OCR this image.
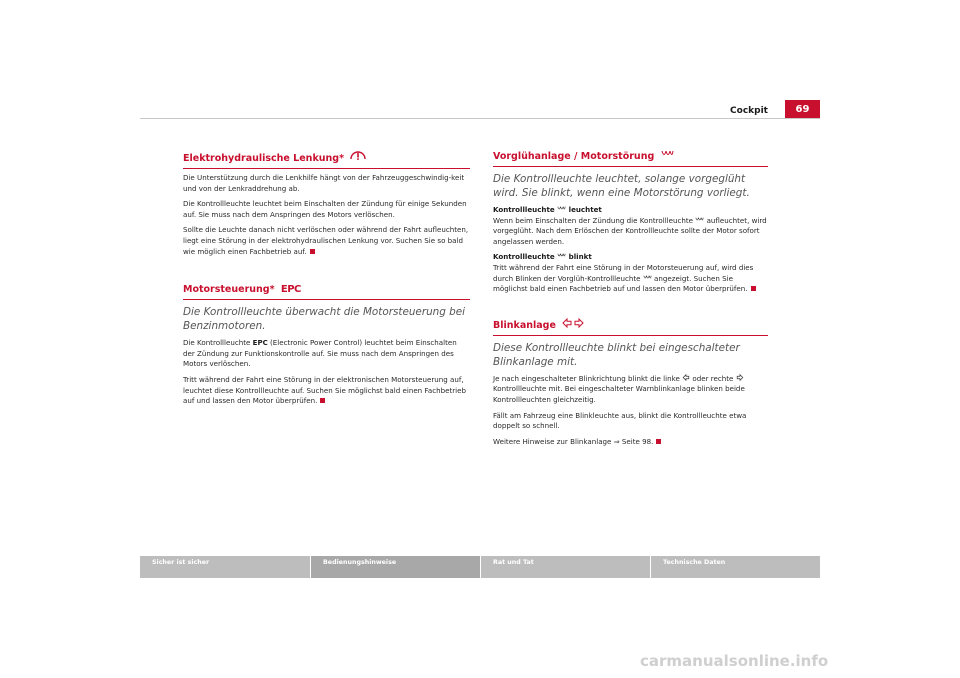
Cockpit	69
Elektrohydraulische Lenkung*

Die Unterstützung durch die Lenkhilfe hängt von der Fahrzeuggeschwindig-keit und von der Lenkraddrehung ab.

Die Kontrollleuchte leuchtet beim Einschalten der Zündung für einige Sekunden auf. Sie muss nach dem Anspringen des Motors verlöschen.

Sollte die Leuchte danach nicht verlöschen oder während der Fahrt aufleuchten, liegt eine Störung in der elektrohydraulischen Lenkung vor. Suchen Sie so bald wie möglich einen Fachbetrieb auf.

Motorsteuerung* EPC
Die Kontrollleuchte überwacht die Motorsteuerung bei Benzinmotoren.

Die Kontrollleuchte EPC (Electronic Power Control) leuchtet beim Einschalten der Zündung zur Funktionskontrolle auf. Sie muss nach dem Anspringen des Motors verlöschen.

Tritt während der Fahrt eine Störung in der elektronischen Motorsteuerung auf, leuchtet diese Kontrollleuchte auf. Suchen Sie möglichst bald einen Fachbetrieb auf und lassen den Motor überprüfen.

Vorglühanlage / Motorstörung
Die Kontrollleuchte leuchtet, solange vorgeglüht wird. Sie blinkt, wenn eine Motorstörung vorliegt.
Kontrollleuchte leuchtet

Wenn beim Einschalten der Zündung die Kontrollleuchte aufleuchtet, wird vorgeglüht. Nach dem Erlöschen der Kontrollleuchte sollte der Motor sofort angelassen werden.

Kontrollleuchte blinkt

Tritt während der Fahrt eine Störung in der Motorsteuerung auf, wird dies durch Blinken der Vorglüh-Kontrollleuchte angezeigt. Suchen Sie möglichst bald einen Fachbetrieb auf und lassen den Motor überprüfen.

Blinkanlage
Diese Kontrollleuchte blinkt bei eingeschalteter Blinkanlage mit.

Je nach eingeschalteter Blinkrichtung blinkt die linke oder rechte  Kontrollleuchte mit. Bei eingeschalteter Warnblinkanlage blinken beide Kontrollleuchten gleichzeitig.

Fällt am Fahrzeug eine Blinkleuchte aus, blinkt die Kontrollleuchte etwa doppelt so schnell.

Weitere Hinweise zur Blinkanlage ⇒ Seite 98.

Sicher ist sicher	Bedienungshinweise	Rat und Tat	Technische Daten
carmanualsonline.info
